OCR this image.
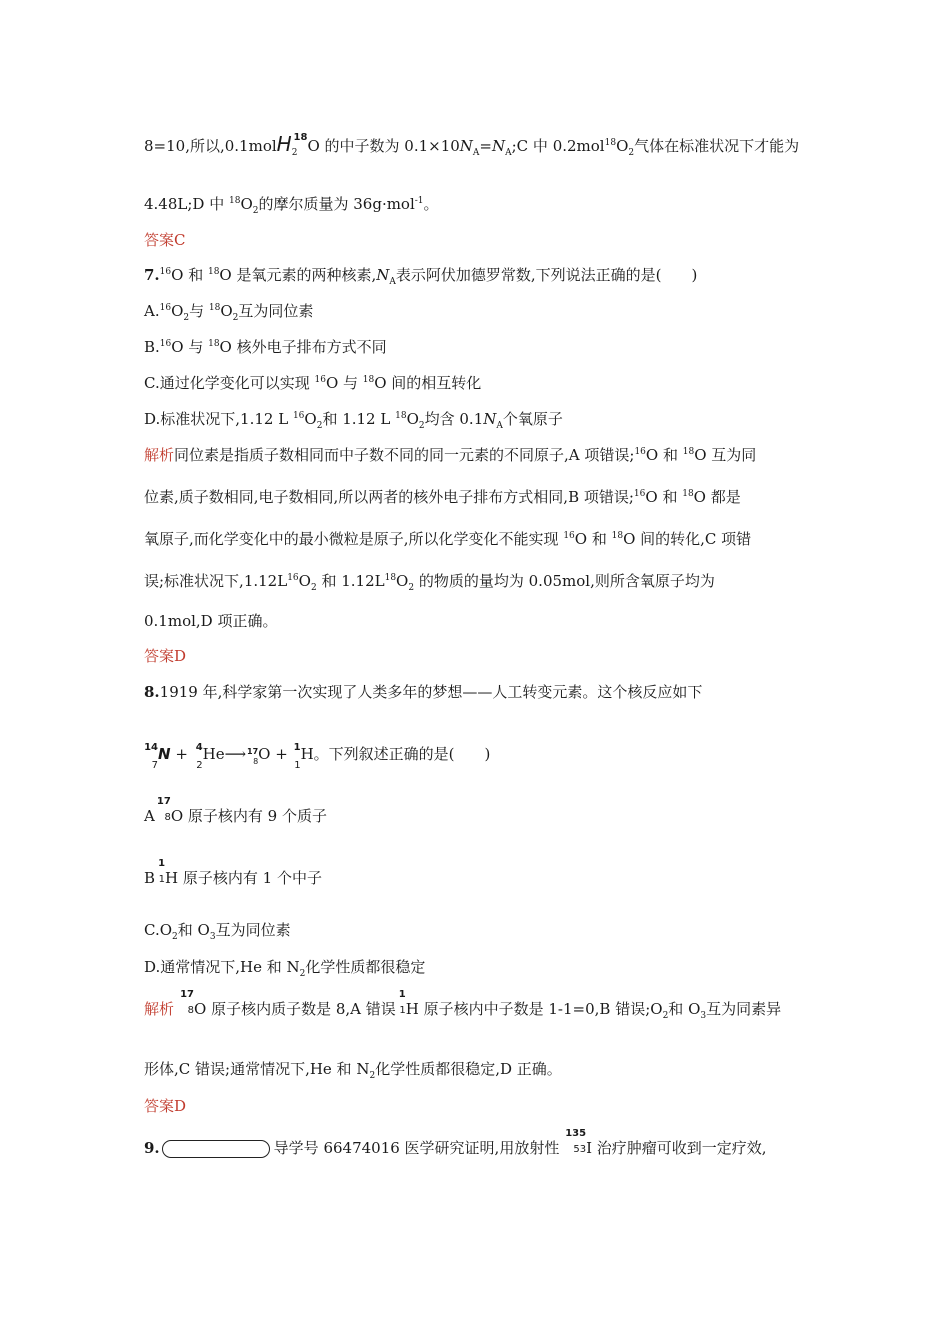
8=10,所以,0.1molH$_2$
18 O 的中子数为 $0.1\times 10N_A=N_A;C$ 中 $0.2mol^{18}O_2$气体在标准状况下才能为
4.48L;D 中 $^{18}O_2$的摩尔质量为 36g·mol$^{-1}$。
答案C
7.16O 和 $^{18}$O 是氧元素的两种核素$,N_A$表示阿伏加德罗常数,下列说法正确的是(　　)
$A.^{16}O_2$与 $^{18}O_2$互为同位素
B.$^{16}$O 与 $^{18}$O 核外电子排布方式不同
C.通过化学变化可以实现 $^{16}$O 与 $^{18}$O 间的相互转化
D.标准状况下,1.12 L $^{16}O_2$和 1.12 L $^{18}O_2$均含 $0.1N_A$个氧原子
解析同位素是指质子数相同而中子数不同的同一元素的不同原子,A 项错误;$^{16}$O 和 $^{18}$O 互为同
位素,质子数相同,电子数相同,所以两者的核外电子排布方式相同,B 项错误;$^{16}$O 和 $^{18}$O 都是
氧原子,而化学变化中的最小微粒是原子,所以化学变化不能实现 $^{16}$O 和 $^{18}$O 间的转化,C 项错
误;标准状况下$,1.12L^{16}O_2$ 和 $1.12L^{18}O_2$ 的物质的量均为 0.05mol,则所含氧原子均为
0.1mol,D 项正确。
答案D
8.1919 年,科学家第一次实现了人类多年的梦想——人工转变元素。这个核反应如下
14
7
N + 4
2
He⟶ 17
8 O + 1
1
H。下列叙述正确的是(　　)
A
17
8 O 原子核内有 9 个质子
B
1
1 H 原子核内有 1 个中子
$C.O_2$和 $O_3$互为同位素
D.通常情况下,He 和 $N_2$化学性质都很稳定
解析
17
8 O 原子核内质子数是 8,A 错误
1
1 H 原子核内中子数是 1-1=0,B 错误$;O_2$和 $O_3$互为同素异
形体,C 错误;通常情况下,He 和 $N_2$化学性质都很稳定,D 正确。
答案D
9.	导学号 66474016 医学研究证明,用放射性
135
53 I 治疗肿瘤可收到一定疗效,
